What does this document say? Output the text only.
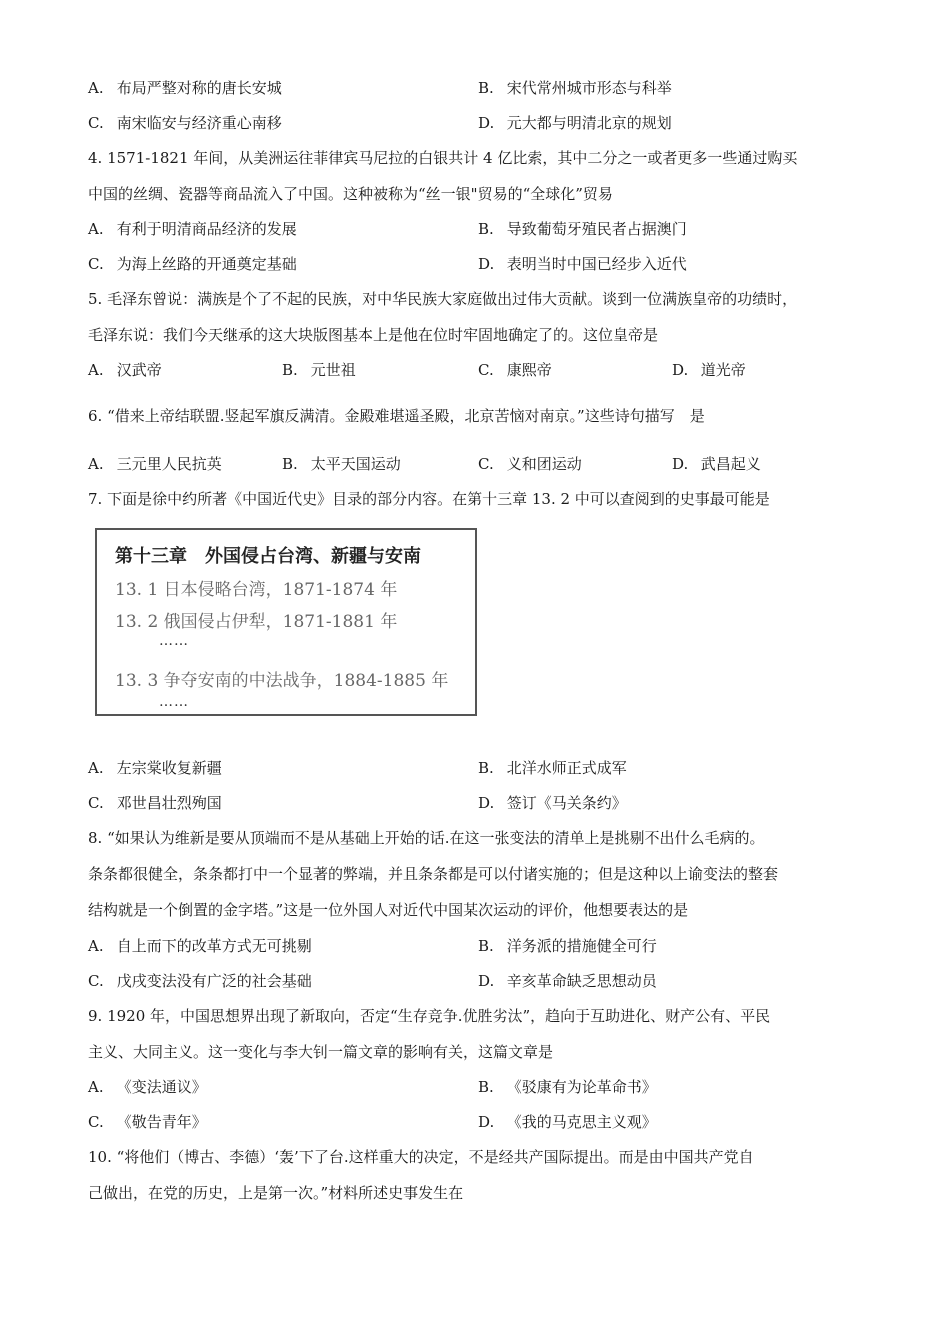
A. 布局严整对称的唐长安城	B. 宋代常州城市形态与科举
C. 南宋临安与经济重心南移	D. 元大都与明清北京的规划
4. 1571-1821 年间，从美洲运往菲律宾马尼拉的白银共计 4 亿比索，其中二分之一或者更多一些通过购买
中国的丝绸、瓷器等商品流入了中国。这种被称为“丝一银"贸易的“全球化”贸易
A. 有利于明清商品经济的发展	B. 导致葡萄牙殖民者占据澳门
C. 为海上丝路的开通奠定基础	D. 表明当时中国已经步入近代
5. 毛泽东曾说：满族是个了不起的民族，对中华民族大家庭做出过伟大贡献。谈到一位满族皇帝的功绩时，
毛泽东说：我们今天继承的这大块版图基本上是他在位时牢固地确定了的。这位皇帝是
A. 汉武帝	B. 元世祖	C. 康熙帝	D. 道光帝
6. “借来上帝结联盟.竖起军旗反满清。金殿难堪遥圣殿，北京苦恼对南京。”这些诗句描写　是
A. 三元里人民抗英	B. 太平天国运动	C. 义和团运动	D. 武昌起义
7. 下面是徐中约所著《中国近代史》目录的部分内容。在第十三章 13. 2 中可以查阅到的史事最可能是
第十三章　外国侵占台湾、新疆与安南
13. 1 日本侵略台湾，1871-1874 年
13. 2 俄国侵占伊犁，1871-1881 年
……
13. 3 争夺安南的中法战争，1884-1885 年
……
A. 左宗棠收复新疆	B. 北洋水师正式成军
C. 邓世昌壮烈殉国	D. 签订《马关条约》
8. “如果认为维新是要从顶端而不是从基础上开始的话.在这一张变法的清单上是挑剔不出什么毛病的。
条条都很健全，条条都打中一个显著的弊端，并且条条都是可以付诸实施的；但是这种以上谕变法的整套
结构就是一个倒置的金字塔。”这是一位外国人对近代中国某次运动的评价，他想要表达的是
A. 自上而下的改革方式无可挑剔	B. 洋务派的措施健全可行
C. 戊戌变法没有广泛的社会基础	D. 辛亥革命缺乏思想动员
9. 1920 年，中国思想界出现了新取向，否定“生存竞争.优胜劣汰”，趋向于互助进化、财产公有、平民
主义、大同主义。这一变化与李大钊一篇文章的影响有关，这篇文章是
A. 《变法通议》	B. 《驳康有为论革命书》
C. 《敬告青年》	D. 《我的马克思主义观》
10. “将他们（博古、李德）‘轰’下了台.这样重大的决定，不是经共产国际提出。而是由中国共产党自
己做出，在党的历史，上是第一次。”材料所述史事发生在
